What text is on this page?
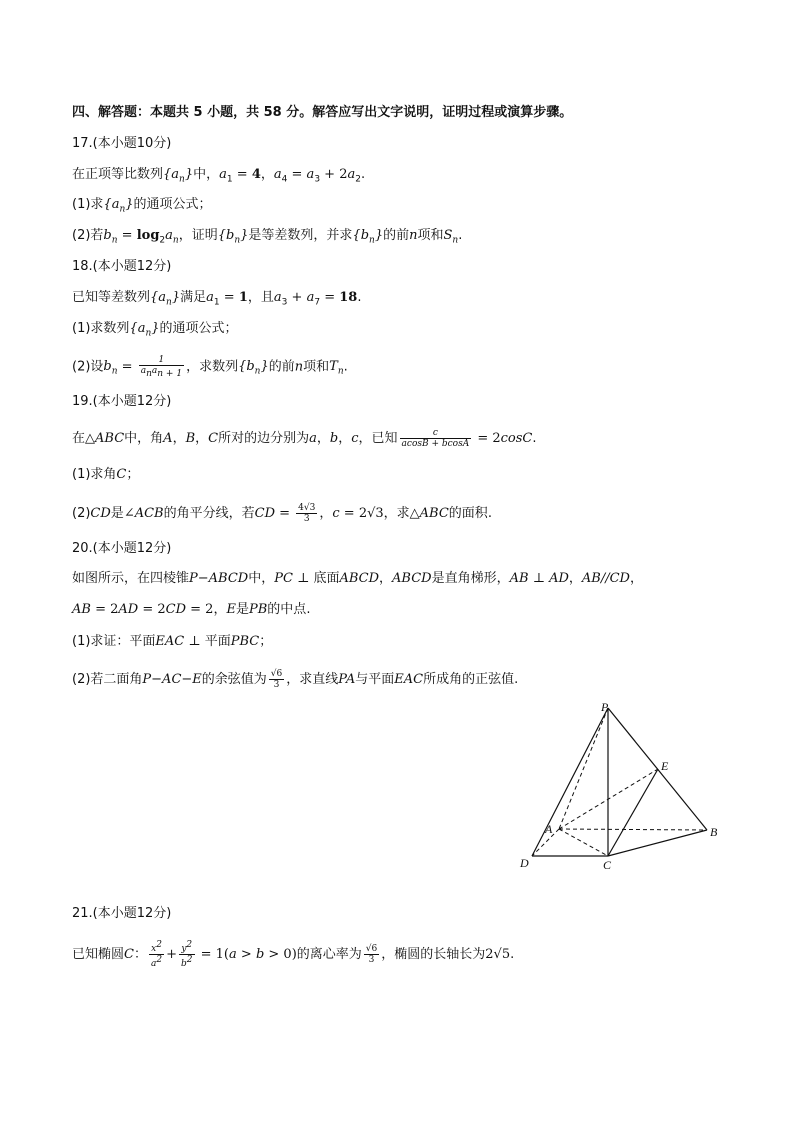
四、解答题：本题共 5 小题，共 58 分。解答应写出文字说明，证明过程或演算步骤。
17.(本小题10分)
在正项等比数列$\{a_n\}$中，$a_1 = 4$，$a_4 = a_3 + 2a_2$.
(1)求$\{a_n\}$的通项公式；
(2)若$b_n = \log_2a_n$，证明$\{b_n\}$是等差数列，并求$\{b_n\}$的前n项和$S_n$.
18.(本小题12分)
已知等差数列$\{a_n\}$满足$a_1 = 1$，且$a_3 + a_7 = 18$.
(1)求数列$\{a_n\}$的通项公式；
(2)设$b_n = \frac{1}{a_na_{n + 1}}$ ，求数列$\{b_n\}$的前n项和$T_n$.
19.(本小题12分)
在△ABC中，角A，B，C所对的边分别为a，b，c，已知 $\frac{c}{acosB + bcosA} = 2\cos C$.
(1)求角C；
(2)CD是∠ACB的角平分线，若CD = $\frac{4√3}{3}$ ，c = 2√3，求△ABC的面积.
20.(本小题12分)
如图所示，在四棱锥P−ABCD中，PC ⊥ 底面ABCD，ABCD是直角梯形，AB ⊥ AD，AB//CD，
AB = 2AD = 2CD = 2，E是PB的中点.
(1)求证：平面EAC ⊥ 平面PBC；
(2)若二面角P−AC−E的余弦值为 $\frac{√6}{3}$ ，求直线PA与平面EAC所成角的正弦值.
P
E
A	B
C
D
21.(本小题12分)
已知椭圆C： $\frac{x^2}{a^2} + \frac{y^2}{b^2} = 1(a > b > 0)$的离心率为 $\frac{√6}{3}$ ，椭圆的长轴长为2√5.
